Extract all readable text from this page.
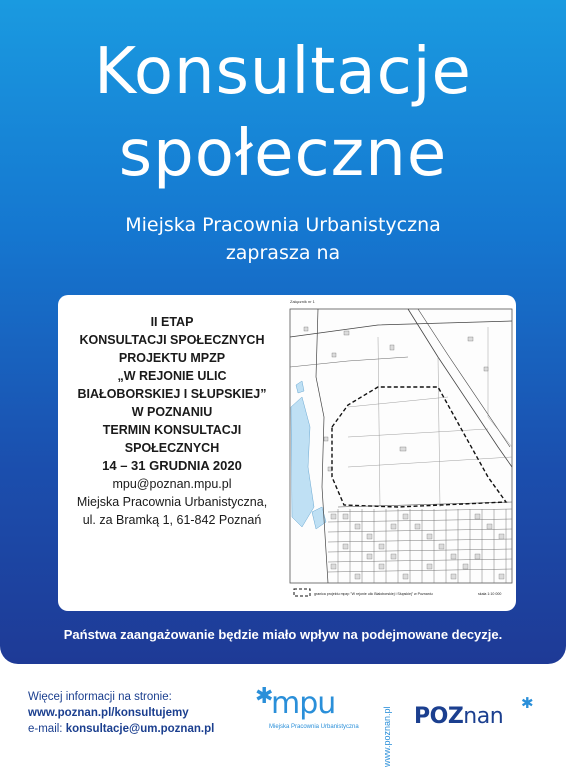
Konsultacje
społeczne
Miejska Pracownia Urbanistyczna
zaprasza na
II ETAP
KONSULTACJI SPOŁECZNYCH
PROJEKTU MPZP
„W REJONIE ULIC
BIAŁOBORSKIEJ I SŁUPSKIEJ”
W POZNANIU
TERMIN KONSULTACJI
SPOŁECZNYCH
14 – 31 GRUDNIA 2020
mpu@poznan.mpu.pl
Miejska Pracownia Urbanistyczna,
ul. za Bramką 1, 61-842 Poznań
Załącznik nr 1
granica projektu mpzp "W rejonie ulic Białoborskiej i Słupskiej" w Poznaniu	skala 1:10 000
Państwa zaangażowanie będzie miało wpływ na podejmowane decyzje.
Więcej informacji na stronie:
www.poznan.pl/konsultujemy
e-mail: konsultacje@um.poznan.pl
✱
mpu
Miejska Pracownia Urbanistyczna	www.poznan.pl POZnan
✱
